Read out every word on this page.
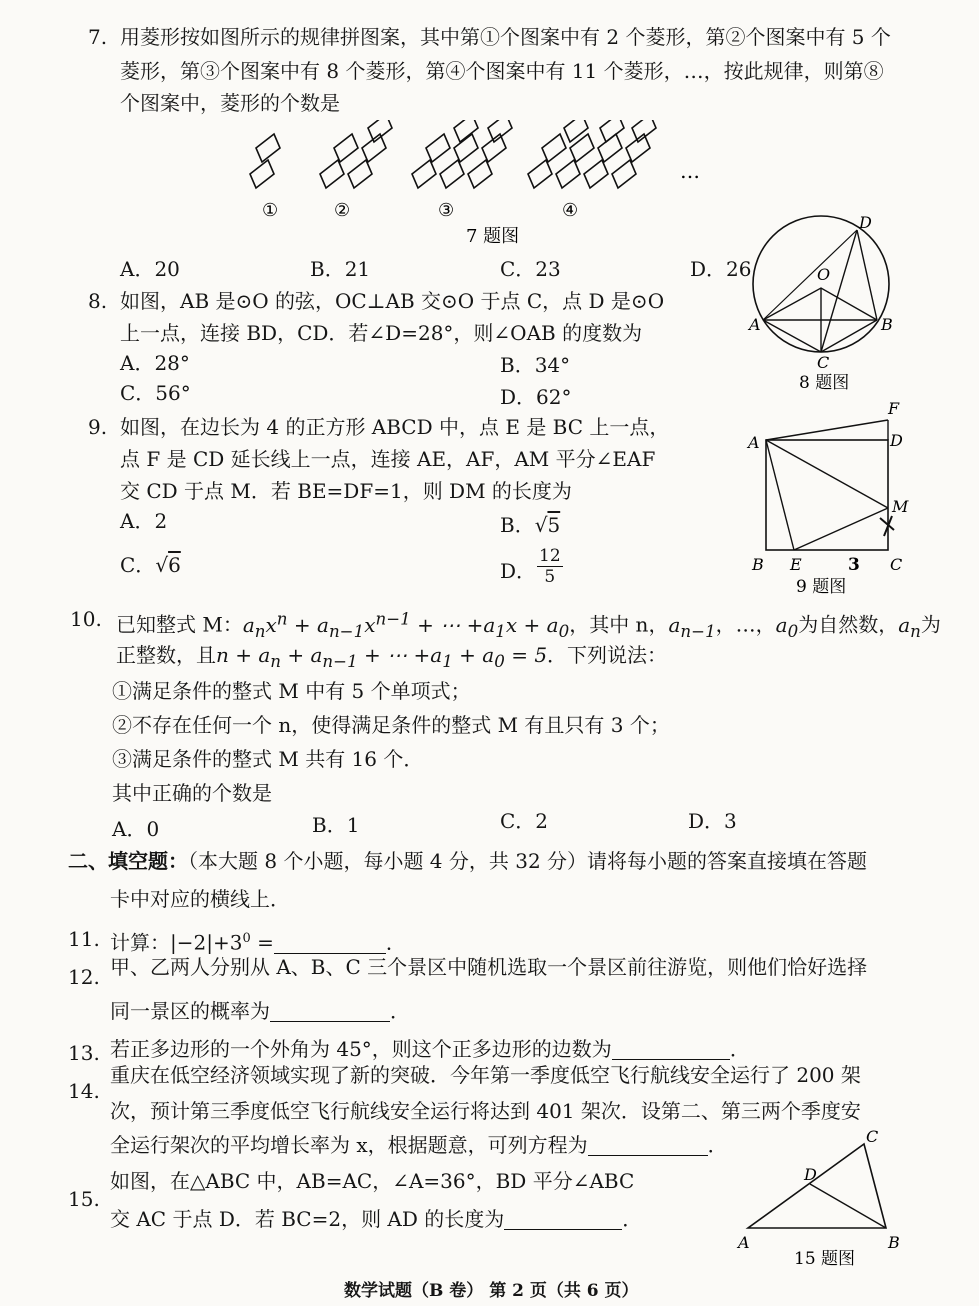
7. 用菱形按如图所示的规律拼图案，其中第①个图案中有 2 个菱形，第②个图案中有 5 个
菱形，第③个图案中有 8 个菱形，第④个图案中有 11 个菱形，…，按此规律，则第⑧
个图案中，菱形的个数是
①	②	③	④
…
7 题图
A．20	B．21	C．23	D．26
8. 如图，AB 是⊙O 的弦，OC⊥AB 交⊙O 于点 C，点 D 是⊙O
上一点，连接 BD，CD．若∠D=28°，则∠OAB 的度数为
A．28°	B．34°
C．56°	D．62°
D
O
A	B
C
8 题图
9. 如图，在边长为 4 的正方形 ABCD 中，点 E 是 BC 上一点，
点 F 是 CD 延长线上一点，连接 AE，AF，AM 平分∠EAF
交 CD 于点 M．若 BE=DF=1，则 DM 的长度为
A．2	B．√5
C．√6	D． $\frac{12}{5}$
F
A	D
M
B E	3 C
9 题图
10. 已知整式 M：$a_nx^n + a_{n-1}x^{n-1}$ + ⋯ $+a_1x + a_0$，其中 n，$a_{n-1}$，…，$a_0$为自然数，$a_n$为
正整数，且$n + a_n + a_{n-1}$ + ⋯ $+a_1 + a_0 = 5$．下列说法：
①满足条件的整式 M 中有 5 个单项式；
②不存在任何一个 n，使得满足条件的整式 M 有且只有 3 个；
③满足条件的整式 M 共有 16 个．
其中正确的个数是
A．0	B．1	C．2	D．3
二、填空题：（本大题 8 个小题，每小题 4 分，共 32 分）请将每小题的答案直接填在答题
卡中对应的横线上．
11. 计算：$|-2|+3^0$ =	．
12. 甲、乙两人分别从 A、B、C 三个景区中随机选取一个景区前往游览，则他们恰好选择
同一景区的概率为	．
13. 若正多边形的一个外角为 45°，则这个正多边形的边数为	．
14.
重庆在低空经济领域实现了新的突破．今年第一季度低空飞行航线安全运行了 200 架
次，预计第三季度低空飞行航线安全运行将达到 401 架次．设第二、第三两个季度安
全运行架次的平均增长率为 x，根据题意，可列方程为	．
15.
如图，在△ABC 中，AB=AC，∠A=36°，BD 平分∠ABC
交 AC 于点 D．若 BC=2，则 AD 的长度为	．
A	B
C
D
15 题图
数学试题（B 卷） 第 2 页（共 6 页）
